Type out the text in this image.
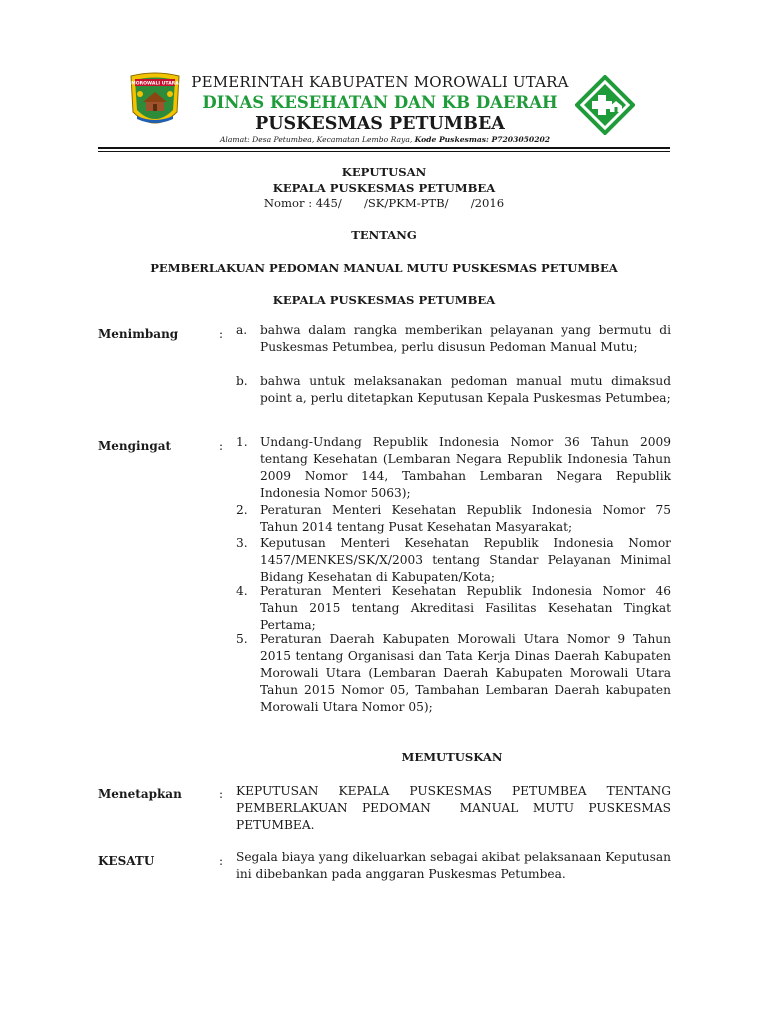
MOROWALI UTARA PEMERINTAH KABUPATEN MOROWALI UTARA
DINAS KESEHATAN DAN KB DAERAH
PUSKESMAS PETUMBEA
Alamat: Desa Petumbea, Kecamatan Lembo Raya, Kode Puskesmas: P7203050202
KEPUTUSAN
KEPALA PUSKESMAS PETUMBEA
Nomor : 445/      /SK/PKM-PTB/      /2016
TENTANG
PEMBERLAKUAN PEDOMAN MANUAL MUTU PUSKESMAS PETUMBEA
KEPALA PUSKESMAS PETUMBEA
Menimbang	: a. bahwa dalam rangka memberikan pelayanan yang bermutu di Puskesmas Petumbea, perlu disusun Pedoman Manual Mutu;
b. bahwa untuk melaksanakan pedoman manual mutu dimaksud point a, perlu ditetapkan Keputusan Kepala Puskesmas Petumbea;
Mengingat	: 1. Undang-Undang Republik Indonesia Nomor 36 Tahun 2009 tentang Kesehatan (Lembaran Negara Republik Indonesia Tahun 2009 Nomor 144, Tambahan Lembaran Negara Republik Indonesia Nomor 5063);
2. Peraturan Menteri Kesehatan Republik Indonesia Nomor 75 Tahun 2014 tentang Pusat Kesehatan Masyarakat;
3. Keputusan Menteri Kesehatan Republik Indonesia Nomor 1457/MENKES/SK/X/2003 tentang Standar Pelayanan Minimal Bidang Kesehatan di Kabupaten/Kota;
4. Peraturan Menteri Kesehatan Republik Indonesia Nomor 46 Tahun 2015 tentang Akreditasi Fasilitas Kesehatan Tingkat Pertama;
5. Peraturan Daerah Kabupaten Morowali Utara Nomor 9 Tahun 2015 tentang Organisasi dan Tata Kerja Dinas Daerah Kabupaten Morowali Utara (Lembaran Daerah Kabupaten Morowali Utara Tahun 2015 Nomor 05, Tambahan Lembaran Daerah kabupaten Morowali Utara Nomor 05);
MEMUTUSKAN
Menetapkan	: KEPUTUSAN KEPALA PUSKESMAS PETUMBEA TENTANG PEMBERLAKUAN PEDOMAN  MANUAL MUTU PUSKESMAS PETUMBEA.
KESATU	: Segala biaya yang dikeluarkan sebagai akibat pelaksanaan Keputusan ini dibebankan pada anggaran Puskesmas Petumbea.
